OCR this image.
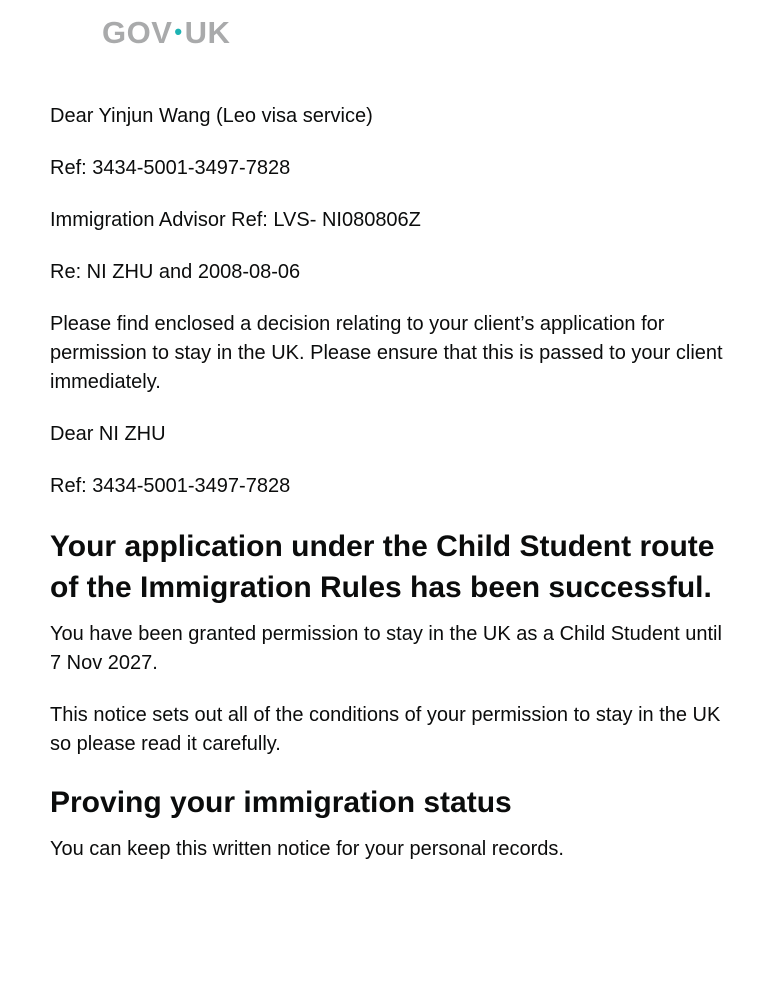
GOV•UK

Dear Yinjun Wang (Leo visa service)

Ref: 3434-5001-3497-7828

Immigration Advisor Ref: LVS- NI080806Z

Re: NI ZHU and 2008-08-06

Please find enclosed a decision relating to your client’s application for permission to stay in the UK. Please ensure that this is passed to your client immediately.

Dear NI ZHU

Ref: 3434-5001-3497-7828

Your application under the Child Student route of the Immigration Rules has been successful.

You have been granted permission to stay in the UK as a Child Student until 7 Nov 2027.

This notice sets out all of the conditions of your permission to stay in the UK so please read it carefully.

Proving your immigration status

You can keep this written notice for your personal records.
